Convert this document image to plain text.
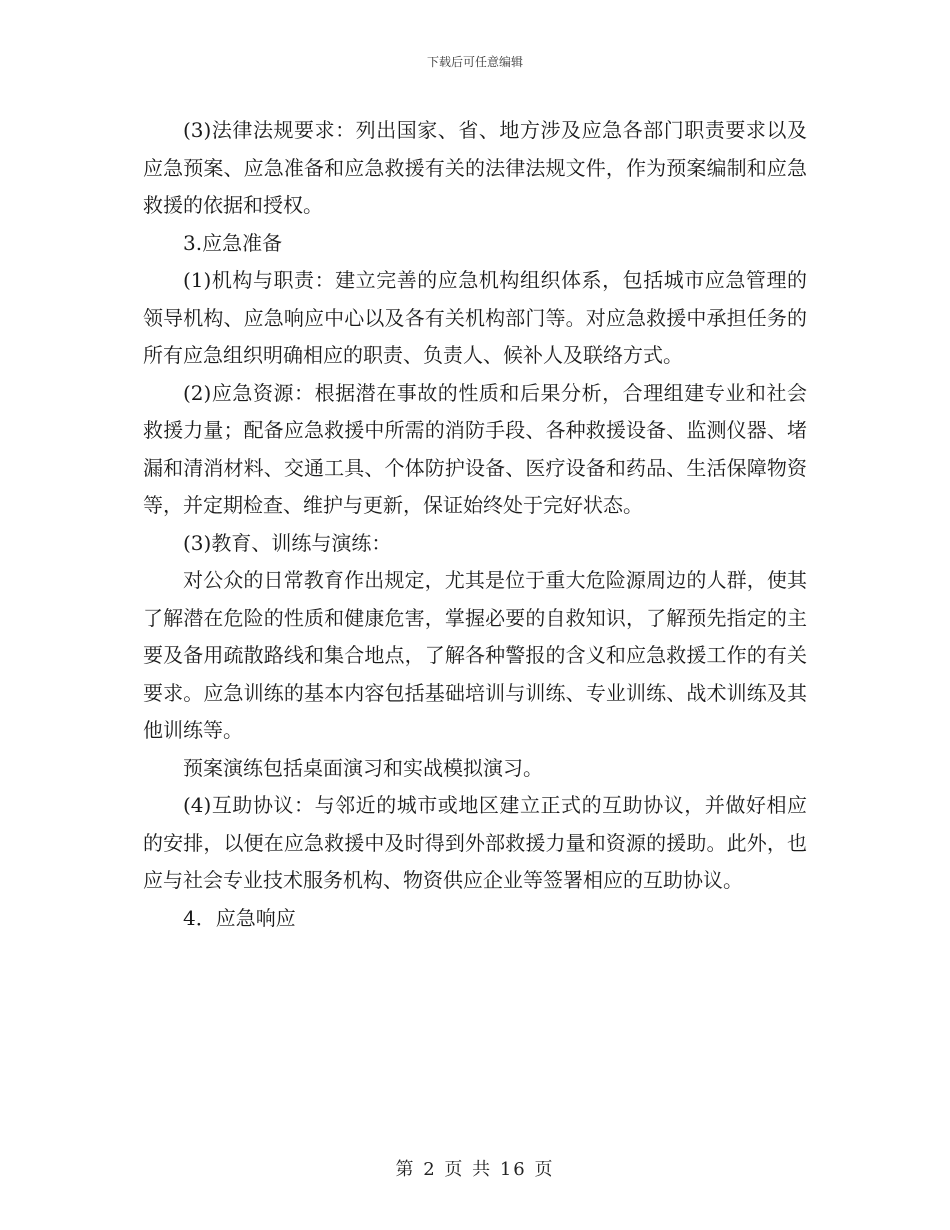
下载后可任意编辑

(3)法律法规要求：列出国家、省、地方涉及应急各部门职责要求以及应急预案、应急准备和应急救援有关的法律法规文件，作为预案编制和应急救援的依据和授权。

3.应急准备

(1)机构与职责：建立完善的应急机构组织体系，包括城市应急管理的领导机构、应急响应中心以及各有关机构部门等。对应急救援中承担任务的所有应急组织明确相应的职责、负责人、候补人及联络方式。

(2)应急资源：根据潜在事故的性质和后果分析，合理组建专业和社会救援力量；配备应急救援中所需的消防手段、各种救援设备、监测仪器、堵漏和清消材料、交通工具、个体防护设备、医疗设备和药品、生活保障物资等，并定期检查、维护与更新，保证始终处于完好状态。

(3)教育、训练与演练：

对公众的日常教育作出规定，尤其是位于重大危险源周边的人群，使其了解潜在危险的性质和健康危害，掌握必要的自救知识，了解预先指定的主要及备用疏散路线和集合地点，了解各种警报的含义和应急救援工作的有关要求。应急训练的基本内容包括基础培训与训练、专业训练、战术训练及其他训练等。

预案演练包括桌面演习和实战模拟演习。

(4)互助协议：与邻近的城市或地区建立正式的互助协议，并做好相应的安排，以便在应急救援中及时得到外部救援力量和资源的援助。此外，也应与社会专业技术服务机构、物资供应企业等签署相应的互助协议。

4．应急响应

第 2 页 共 16 页
